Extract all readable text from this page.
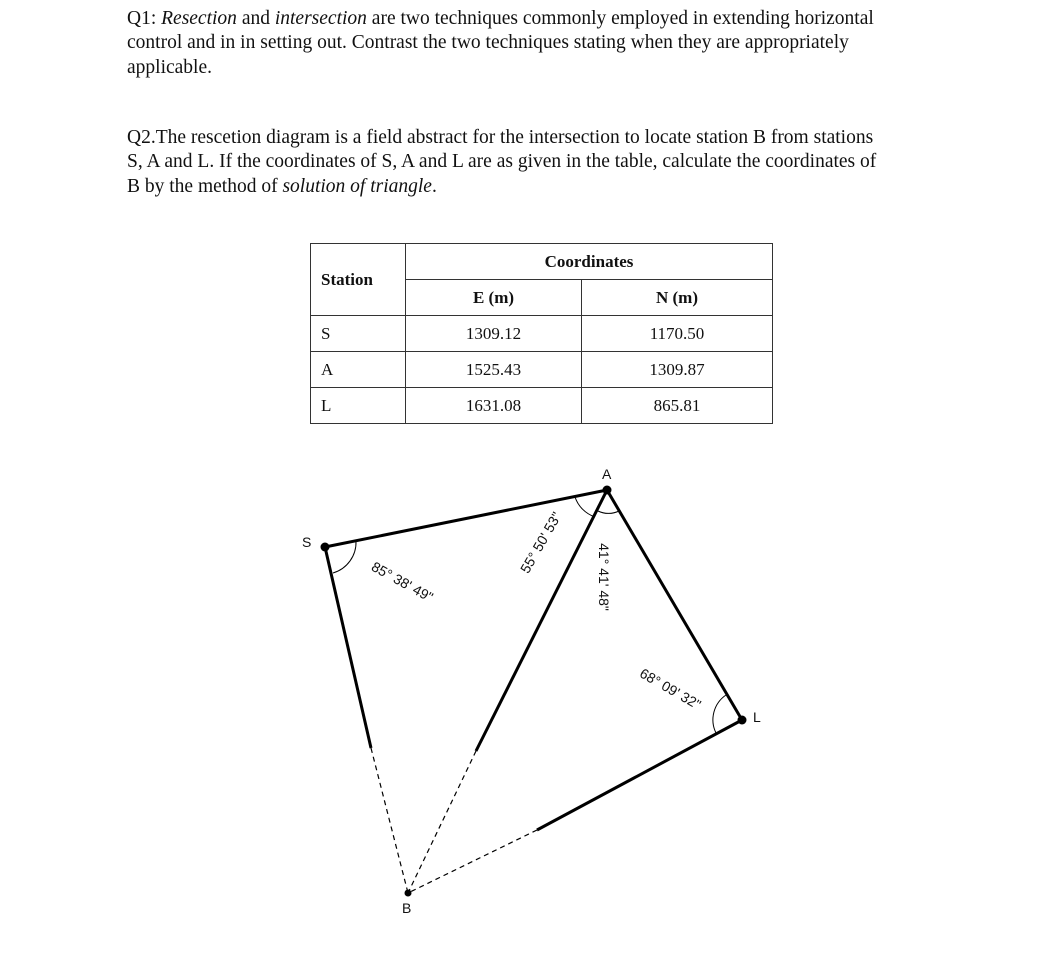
Q1: Resection and intersection are two techniques commonly employed in extending horizontal
control and in in setting out. Contrast the two techniques stating when they are appropriately
applicable.
Q2.The rescetion diagram is a field abstract for the intersection to locate station B from stations
S, A and L. If the coordinates of S, A and L are as given in the table, calculate the coordinates of
B by the method of solution of triangle.
Station	Coordinates	
	E (m)	N (m)
S	1309.12	1170.50
A	1525.43	1309.87
L	1631.08	865.81
S
A
L
B
85° 38' 49"
55° 50' 53"
41° 41' 48"
68° 09' 32"
